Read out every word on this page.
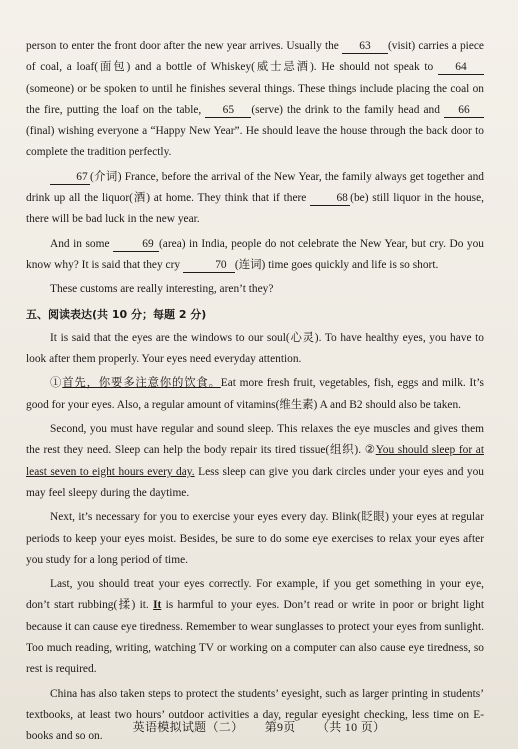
person to enter the front door after the new year arrives. Usually the 63 (visit) carries a piece of coal, a loaf(面包) and a bottle of Whiskey(威士忌酒). He should not speak to 64 (someone) or be spoken to until he finishes several things. These things include placing the coal on the fire, putting the loaf on the table, 65 (serve) the drink to the family head and 66(final) wishing everyone a “Happy New Year”. He should leave the house through the back door to complete the tradition perfectly.

67 (介词) France, before the arrival of the New Year, the family always get together and drink up all the liquor(酒) at home. They think that if there	68 (be) still liquor in the house, there will be bad luck in the new year.

And in some	69 (area) in India, people do not celebrate the New Year, but cry. Do you know why? It is said that they cry	70 (连词) time goes quickly and life is so short.

These customs are really interesting, aren’t they?

五、阅读表达(共 10 分；每题 2 分)

It is said that the eyes are the windows to our soul(心灵). To have healthy eyes, you have to look after them properly. Your eyes need everyday attention.

①首先，你要多注意你的饮食。Eat more fresh fruit, vegetables, fish, eggs and milk. It’s good for your eyes. Also, a regular amount of vitamins(维生素) A and B2 should also be taken.

Second, you must have regular and sound sleep. This relaxes the eye muscles and gives them the rest they need. Sleep can help the body repair its tired tissue(组织). ②You should sleep for at least seven to eight hours every day. Less sleep can give you dark circles under your eyes and you may feel sleepy during the daytime.

Next, it’s necessary for you to exercise your eyes every day. Blink(眨眼) your eyes at regular periods to keep your eyes moist. Besides, be sure to do some eye exercises to relax your eyes after you study for a long period of time.

Last, you should treat your eyes correctly. For example, if you get something in your eye, don’t start rubbing(揉) it. It is harmful to your eyes. Don’t read or write in poor or bright light because it can cause eye tiredness. Remember to wear sunglasses to protect your eyes from sunlight. Too much reading, writing, watching TV or working on a computer can also cause eye tiredness, so rest is required.

China has also taken steps to protect the students’ eyesight, such as larger printing in students’ textbooks, at least two hours’ outdoor activities a day, regular eyesight checking, less time on E-books and so on.

英语模拟试题（二） 第9页 （共 10 页）
